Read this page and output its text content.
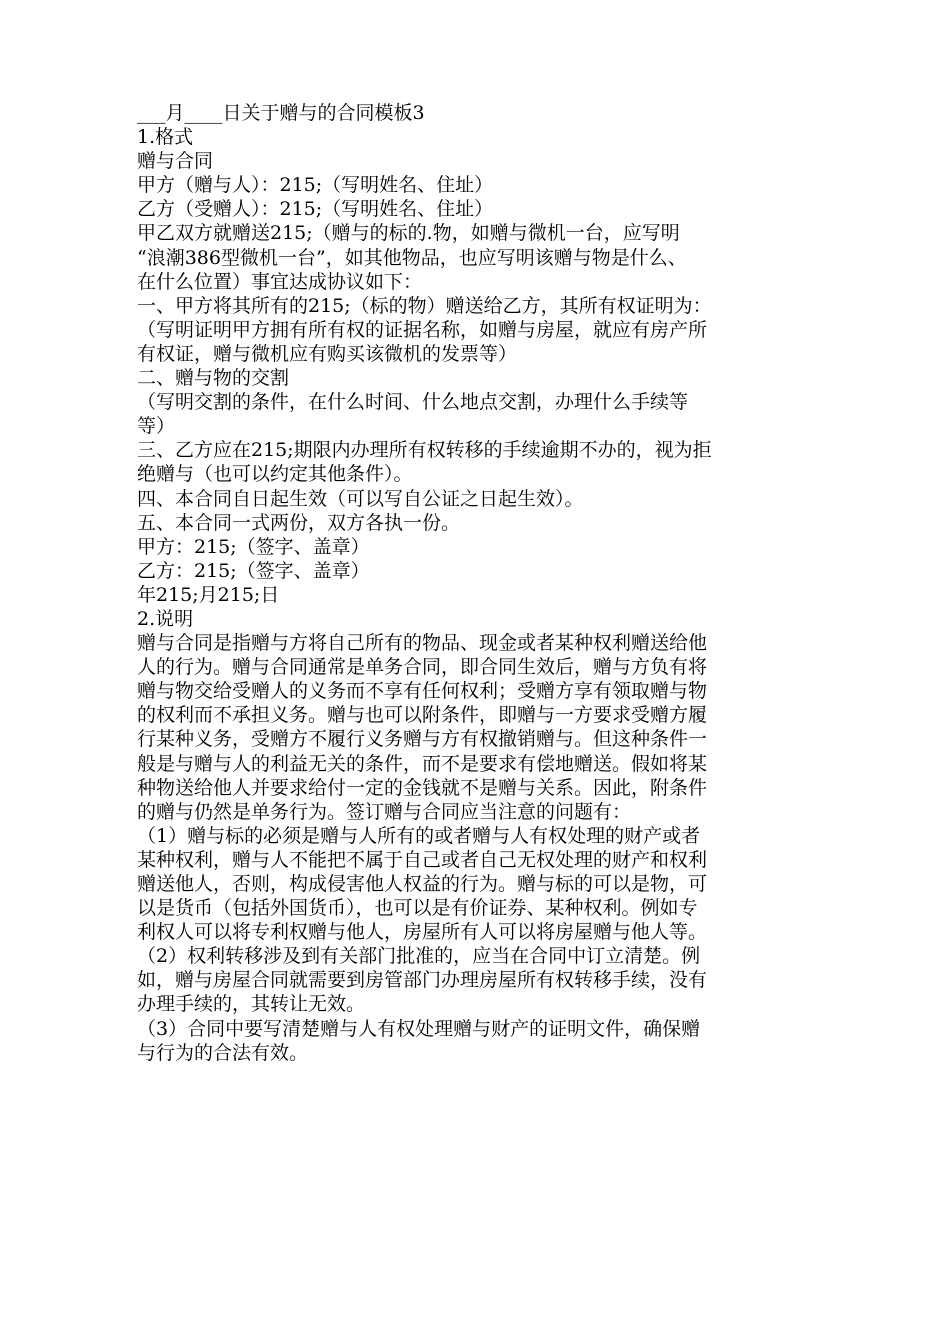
___月____日关于赠与的合同模板3
1.格式
赠与合同
甲方（赠与人）：215;（写明姓名、住址）
乙方（受赠人）：215;（写明姓名、住址）
甲乙双方就赠送215;（赠与的标的.物，如赠与微机一台，应写明
“浪潮386型微机一台”，如其他物品，也应写明该赠与物是什么、
在什么位置）事宜达成协议如下：
一、甲方将其所有的215;（标的物）赠送给乙方，其所有权证明为：
（写明证明甲方拥有所有权的证据名称，如赠与房屋，就应有房产所
有权证，赠与微机应有购买该微机的发票等）
二、赠与物的交割
（写明交割的条件，在什么时间、什么地点交割，办理什么手续等
等）
三、乙方应在215;期限内办理所有权转移的手续逾期不办的，视为拒
绝赠与（也可以约定其他条件）。
四、本合同自日起生效（可以写自公证之日起生效）。
五、本合同一式两份，双方各执一份。
甲方：215;（签字、盖章）
乙方：215;（签字、盖章）
年215;月215;日
2.说明
赠与合同是指赠与方将自己所有的物品、现金或者某种权利赠送给他
人的行为。赠与合同通常是单务合同，即合同生效后，赠与方负有将
赠与物交给受赠人的义务而不享有任何权利；受赠方享有领取赠与物
的权利而不承担义务。赠与也可以附条件，即赠与一方要求受赠方履
行某种义务，受赠方不履行义务赠与方有权撤销赠与。但这种条件一
般是与赠与人的利益无关的条件，而不是要求有偿地赠送。假如将某
种物送给他人并要求给付一定的金钱就不是赠与关系。因此，附条件
的赠与仍然是单务行为。签订赠与合同应当注意的问题有：
（1）赠与标的必须是赠与人所有的或者赠与人有权处理的财产或者
某种权利，赠与人不能把不属于自己或者自己无权处理的财产和权利
赠送他人，否则，构成侵害他人权益的行为。赠与标的可以是物，可
以是货币（包括外国货币），也可以是有价证券、某种权利。例如专
利权人可以将专利权赠与他人，房屋所有人可以将房屋赠与他人等。
（2）权利转移涉及到有关部门批准的，应当在合同中订立清楚。例
如，赠与房屋合同就需要到房管部门办理房屋所有权转移手续，没有
办理手续的，其转让无效。
（3）合同中要写清楚赠与人有权处理赠与财产的证明文件，确保赠
与行为的合法有效。
